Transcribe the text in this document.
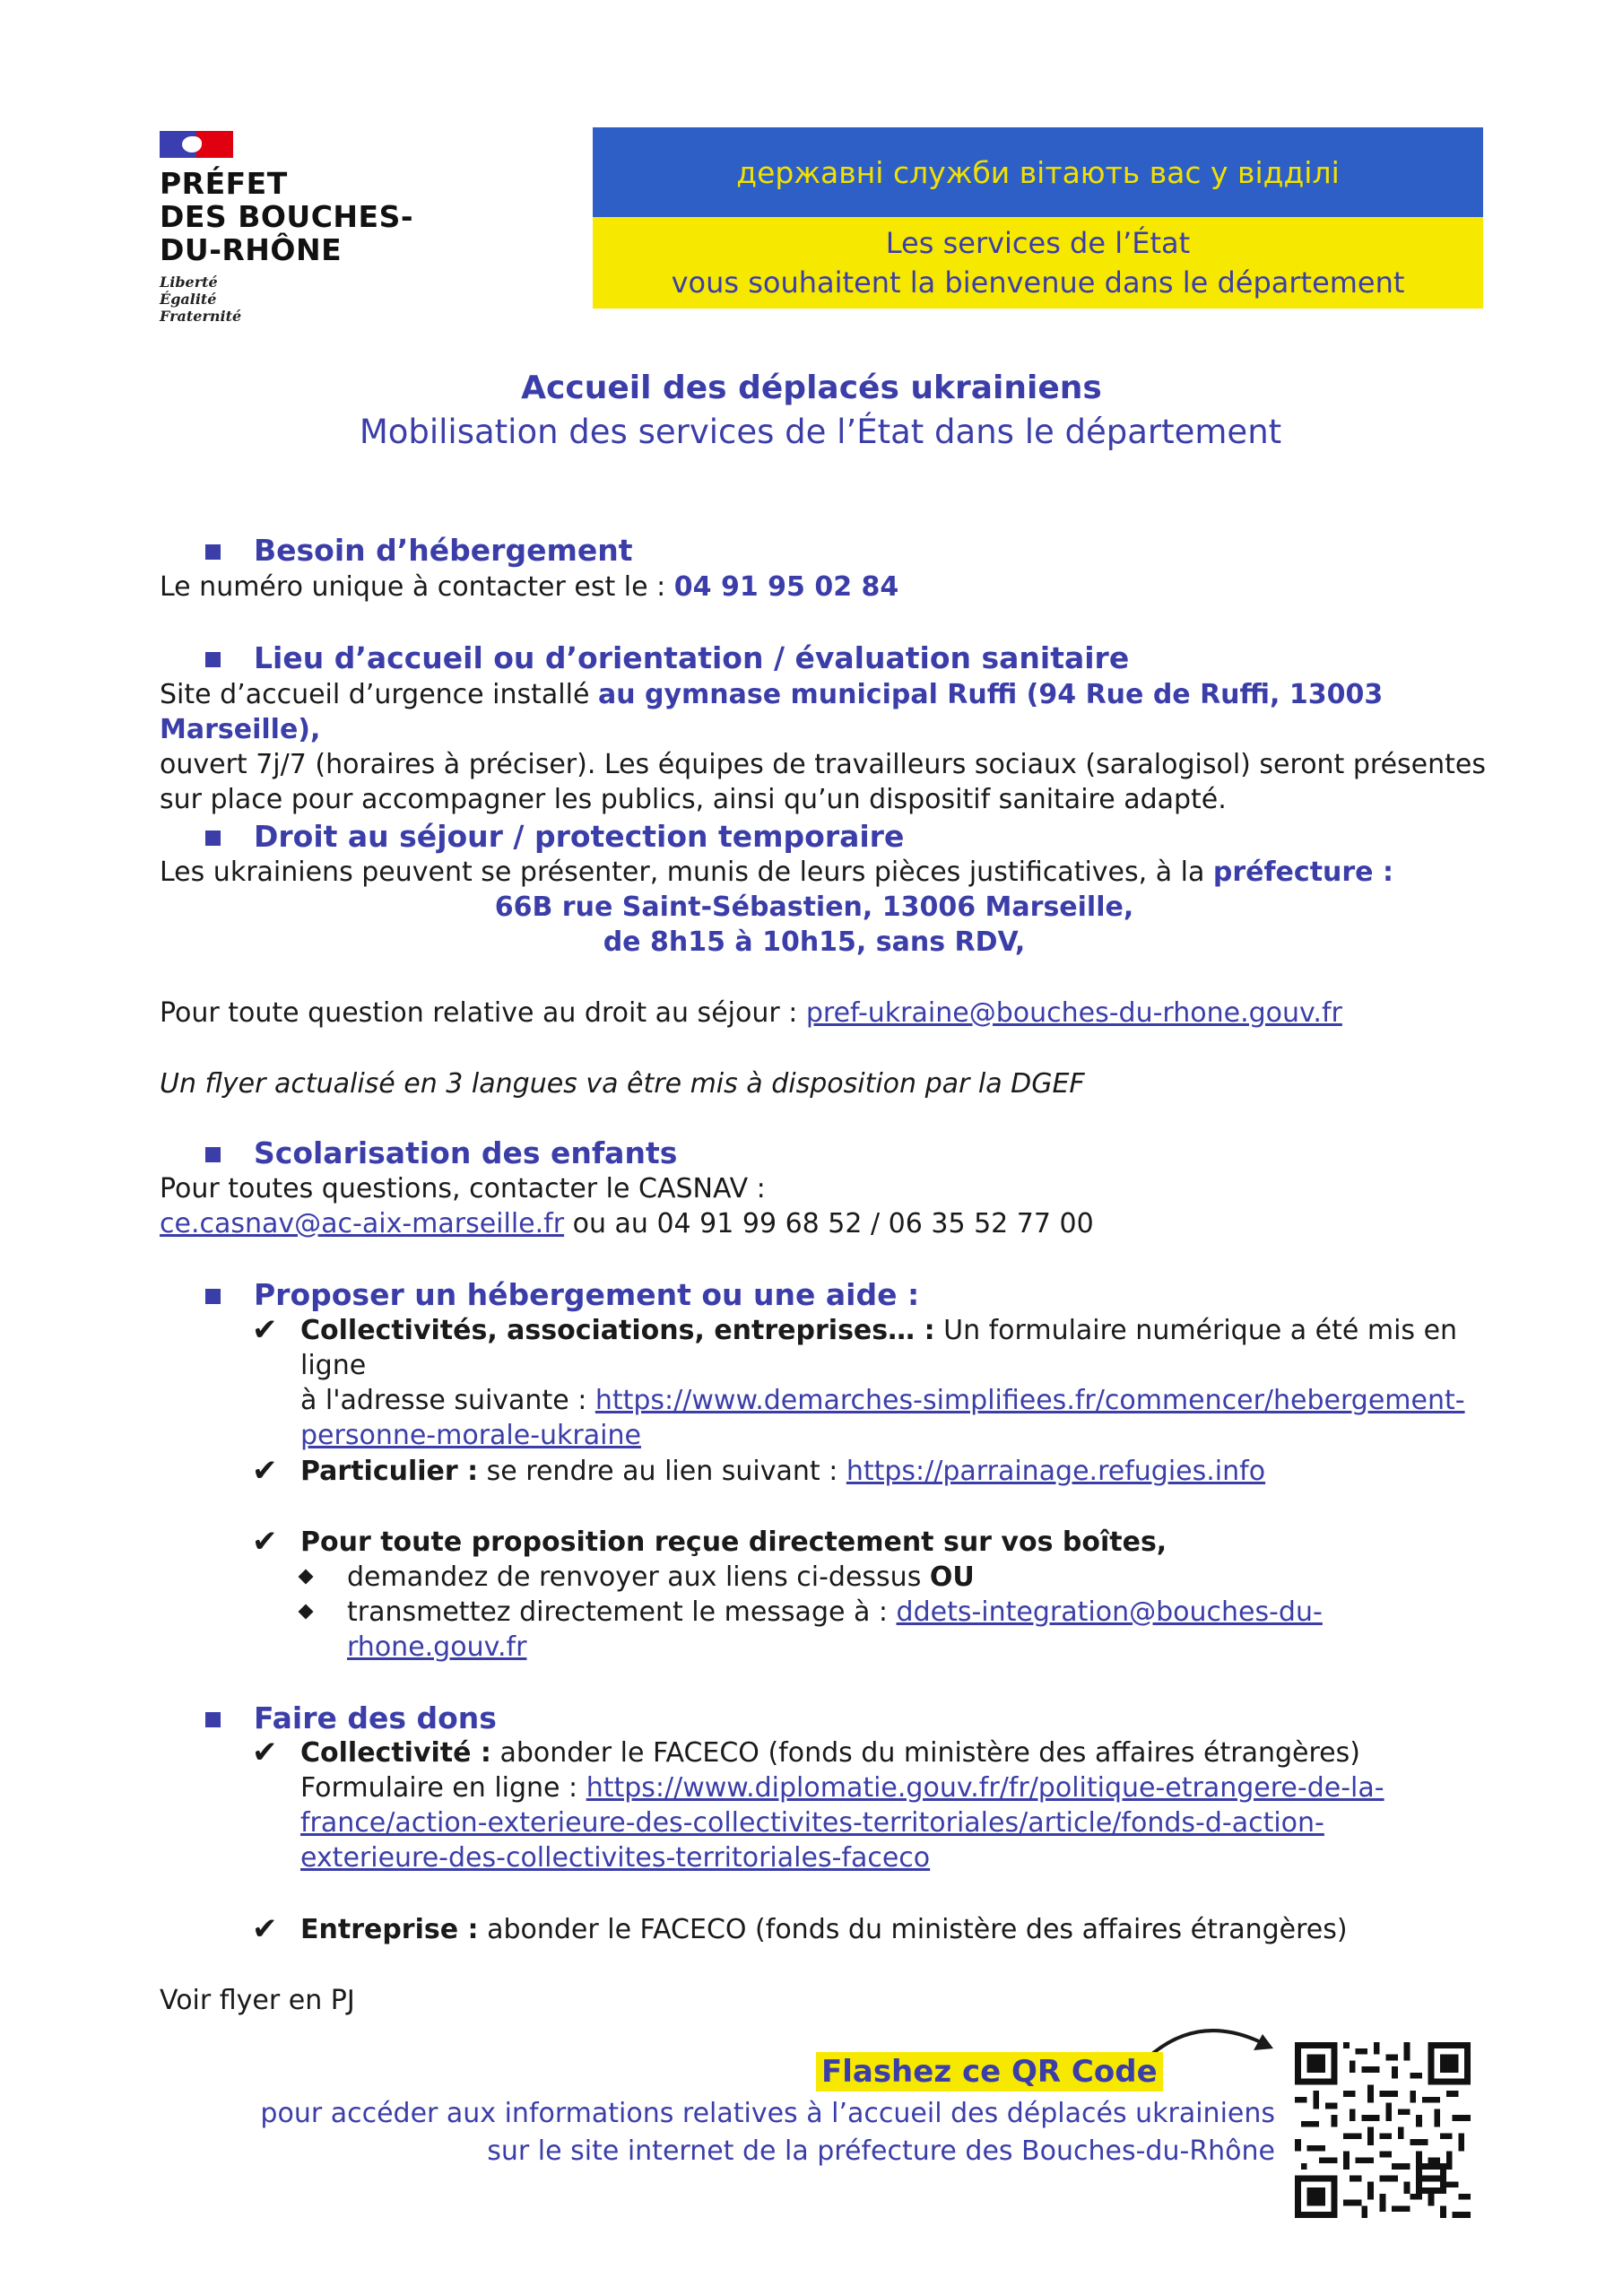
PRÉFET
DES BOUCHES-
DU-RHÔNE
Liberté
Égalité
Fraternité
державні служби вітають вас у відділі
Les services de l’État
vous souhaitent la bienvenue dans le département
Accueil des déplacés ukrainiens
Mobilisation des services de l’État dans le département
Besoin d’hébergement
Le numéro unique à contacter est le : 04 91 95 02 84
Lieu d’accueil ou d’orientation / évaluation sanitaire
Site d’accueil d’urgence installé au gymnase municipal Ruffi (94 Rue de Ruffi, 13003 Marseille),
ouvert 7j/7 (horaires à préciser). Les équipes de travailleurs sociaux (saralogisol) seront présentes
sur place pour accompagner les publics, ainsi qu’un dispositif sanitaire adapté.
Droit au séjour / protection temporaire
Les ukrainiens peuvent se présenter, munis de leurs pièces justificatives, à la préfecture :
66B rue Saint-Sébastien, 13006 Marseille,
de 8h15 à 10h15, sans RDV,
Pour toute question relative au droit au séjour : pref-ukraine@bouches-du-rhone.gouv.fr
Un flyer actualisé en 3 langues va être mis à disposition par la DGEF
Scolarisation des enfants
Pour toutes questions, contacter le CASNAV :
ce.casnav@ac-aix-marseille.fr ou au 04 91 99 68 52 / 06 35 52 77 00
Proposer un hébergement ou une aide :
✔ Collectivités, associations, entreprises… : Un formulaire numérique a été mis en ligne
à l'adresse suivante : https://www.demarches-simplifiees.fr/commencer/hebergement-
personne-morale-ukraine
✔ Particulier : se rendre au lien suivant : https://parrainage.refugies.info
✔ Pour toute proposition reçue directement sur vos boîtes,
demandez de renvoyer aux liens ci-dessus OU
transmettez directement le message à : ddets-integration@bouches-du-
rhone.gouv.fr
Faire des dons
✔ Collectivité : abonder le FACECO (fonds du ministère des affaires étrangères)
Formulaire en ligne : https://www.diplomatie.gouv.fr/fr/politique-etrangere-de-la-
france/action-exterieure-des-collectivites-territoriales/article/fonds-d-action-
exterieure-des-collectivites-territoriales-faceco
✔ Entreprise : abonder le FACECO (fonds du ministère des affaires étrangères)
Voir flyer en PJ
Flashez ce QR Code
pour accéder aux informations relatives à l’accueil des déplacés ukrainiens
sur le site internet de la préfecture des Bouches-du-Rhône
